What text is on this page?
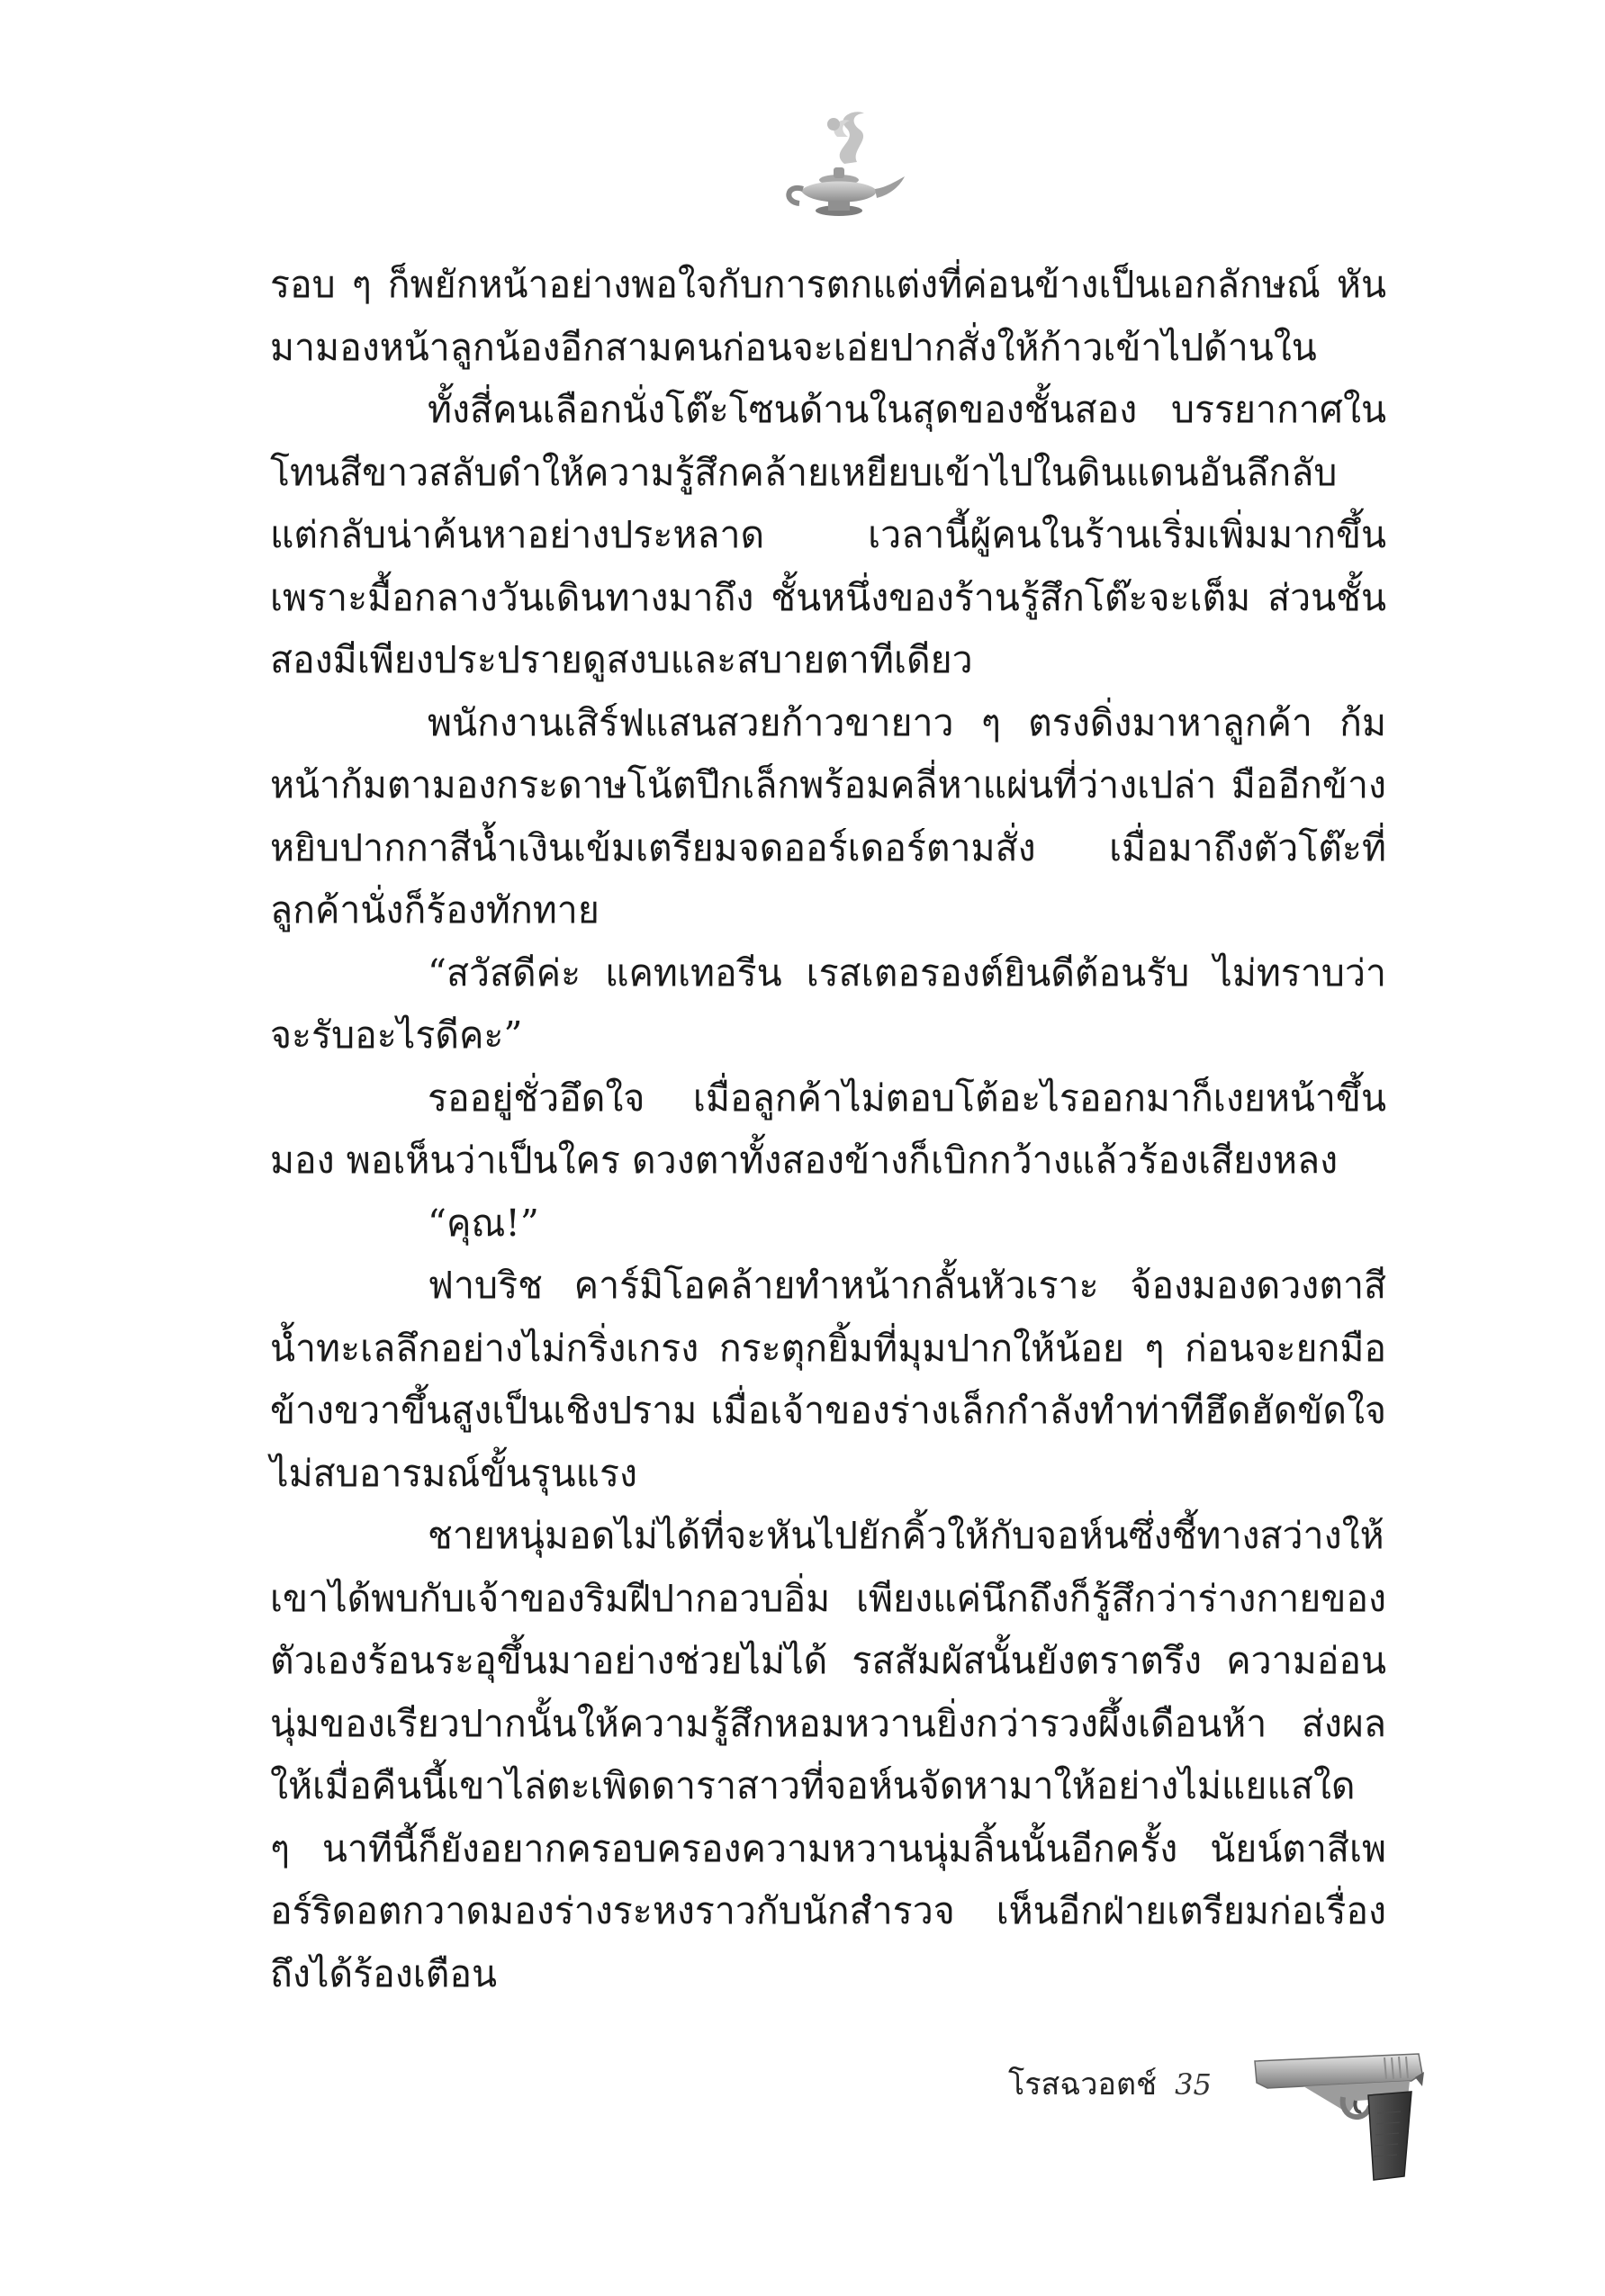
รอบ ๆ ก็พยักหน้าอย่างพอใจกับการตกแต่งที่ค่อนข้างเป็นเอกลักษณ์ หันมามองหน้าลูกน้องอีกสามคนก่อนจะเอ่ยปากสั่งให้ก้าวเข้าไปด้านใน

ทั้งสี่คนเลือกนั่งโต๊ะโซนด้านในสุดของชั้นสอง บรรยากาศในโทนสีขาวสลับดำให้ความรู้สึกคล้ายเหยียบเข้าไปในดินแดนอันลึกลับ แต่กลับน่าค้นหาอย่างประหลาด เวลานี้ผู้คนในร้านเริ่มเพิ่มมากขึ้น เพราะมื้อกลางวันเดินทางมาถึง ชั้นหนึ่งของร้านรู้สึกโต๊ะจะเต็ม ส่วนชั้นสองมีเพียงประปรายดูสงบและสบายตาทีเดียว

พนักงานเสิร์ฟแสนสวยก้าวขายาว ๆ ตรงดิ่งมาหาลูกค้า ก้มหน้าก้มตามองกระดาษโน้ตปึกเล็กพร้อมคลี่หาแผ่นที่ว่างเปล่า มืออีกข้างหยิบปากกาสีน้ำเงินเข้มเตรียมจดออร์เดอร์ตามสั่ง เมื่อมาถึงตัวโต๊ะที่ลูกค้านั่งก็ร้องทักทาย

“สวัสดีค่ะ แคทเทอรีน เรสเตอรองต์ยินดีต้อนรับ ไม่ทราบว่าจะรับอะไรดีคะ”

รออยู่ชั่วอึดใจ เมื่อลูกค้าไม่ตอบโต้อะไรออกมาก็เงยหน้าขึ้นมอง พอเห็นว่าเป็นใคร ดวงตาทั้งสองข้างก็เบิกกว้างแล้วร้องเสียงหลง

“คุณ!”

ฟาบริช คาร์มิโอคล้ายทำหน้ากลั้นหัวเราะ จ้องมองดวงตาสีน้ำทะเลลึกอย่างไม่กริ่งเกรง กระตุกยิ้มที่มุมปากให้น้อย ๆ ก่อนจะยกมือข้างขวาขึ้นสูงเป็นเชิงปราม เมื่อเจ้าของร่างเล็กกำลังทำท่าทีฮึดฮัดขัดใจ ไม่สบอารมณ์ขั้นรุนแรง

ชายหนุ่มอดไม่ได้ที่จะหันไปยักคิ้วให้กับจอห์นซึ่งชี้ทางสว่างให้เขาได้พบกับเจ้าของริมฝีปากอวบอิ่ม เพียงแค่นึกถึงก็รู้สึกว่าร่างกายของตัวเองร้อนระอุขึ้นมาอย่างช่วยไม่ได้ รสสัมผัสนั้นยังตราตรึง ความอ่อนนุ่มของเรียวปากนั้นให้ความรู้สึกหอมหวานยิ่งกว่ารวงผึ้งเดือนห้า ส่งผลให้เมื่อคืนนี้เขาไล่ตะเพิดดาราสาวที่จอห์นจัดหามาให้อย่างไม่แยแสใด ๆ นาทีนี้ก็ยังอยากครอบครองความหวานนุ่มลิ้นนั้นอีกครั้ง นัยน์ตาสีเพอร์ริดอตกวาดมองร่างระหงราวกับนักสำรวจ เห็นอีกฝ่ายเตรียมก่อเรื่องถึงได้ร้องเตือน

โรสฉวอตช์ 35
